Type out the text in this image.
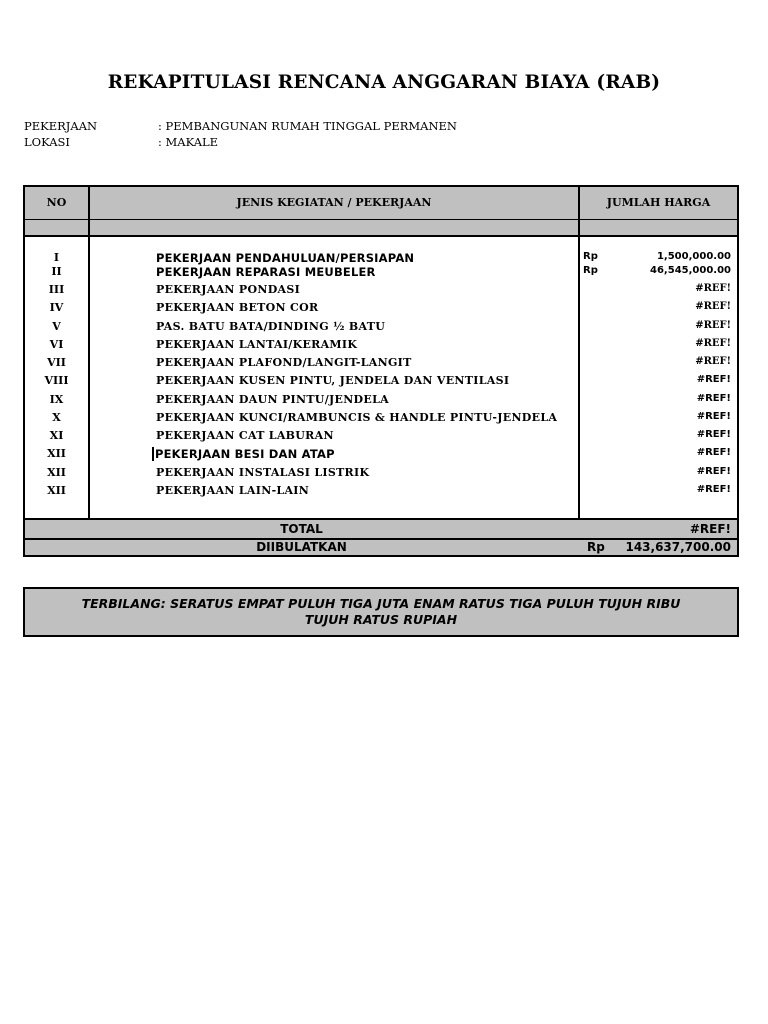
REKAPITULASI RENCANA ANGGARAN BIAYA (RAB)
PEKERJAAN	: PEMBANGUNAN RUMAH TINGGAL PERMANEN
LOKASI	: MAKALE
NO	JENIS KEGIATAN / PEKERJAAN	JUMLAH HARGA
I	PEKERJAAN PENDAHULUAN/PERSIAPAN	Rp	1,500,000.00
II	PEKERJAAN REPARASI MEUBELER	Rp	46,545,000.00
III	PEKERJAAN PONDASI	#REF!
IV	PEKERJAAN BETON COR	#REF!
V	PAS. BATU BATA/DINDING ½ BATU	#REF!
VI	PEKERJAAN LANTAI/KERAMIK	#REF!
VII	PEKERJAAN PLAFOND/LANGIT-LANGIT	#REF!
VIII	PEKERJAAN KUSEN PINTU, JENDELA DAN VENTILASI	#REF!
IX	PEKERJAAN DAUN PINTU/JENDELA	#REF!
X	PEKERJAAN KUNCI/RAMBUNCIS & HANDLE PINTU-JENDELA	#REF!
XI	PEKERJAAN CAT LABURAN	#REF!
XII	PEKERJAAN BESI DAN ATAP	#REF!
XII	PEKERJAAN INSTALASI LISTRIK	#REF!
XII	PEKERJAAN LAIN-LAIN	#REF!
TOTAL	#REF!
DIIBULATKAN	Rp 143,637,700.00
TERBILANG: SERATUS EMPAT PULUH TIGA JUTA ENAM RATUS TIGA PULUH TUJUH RIBU
TUJUH RATUS RUPIAH
